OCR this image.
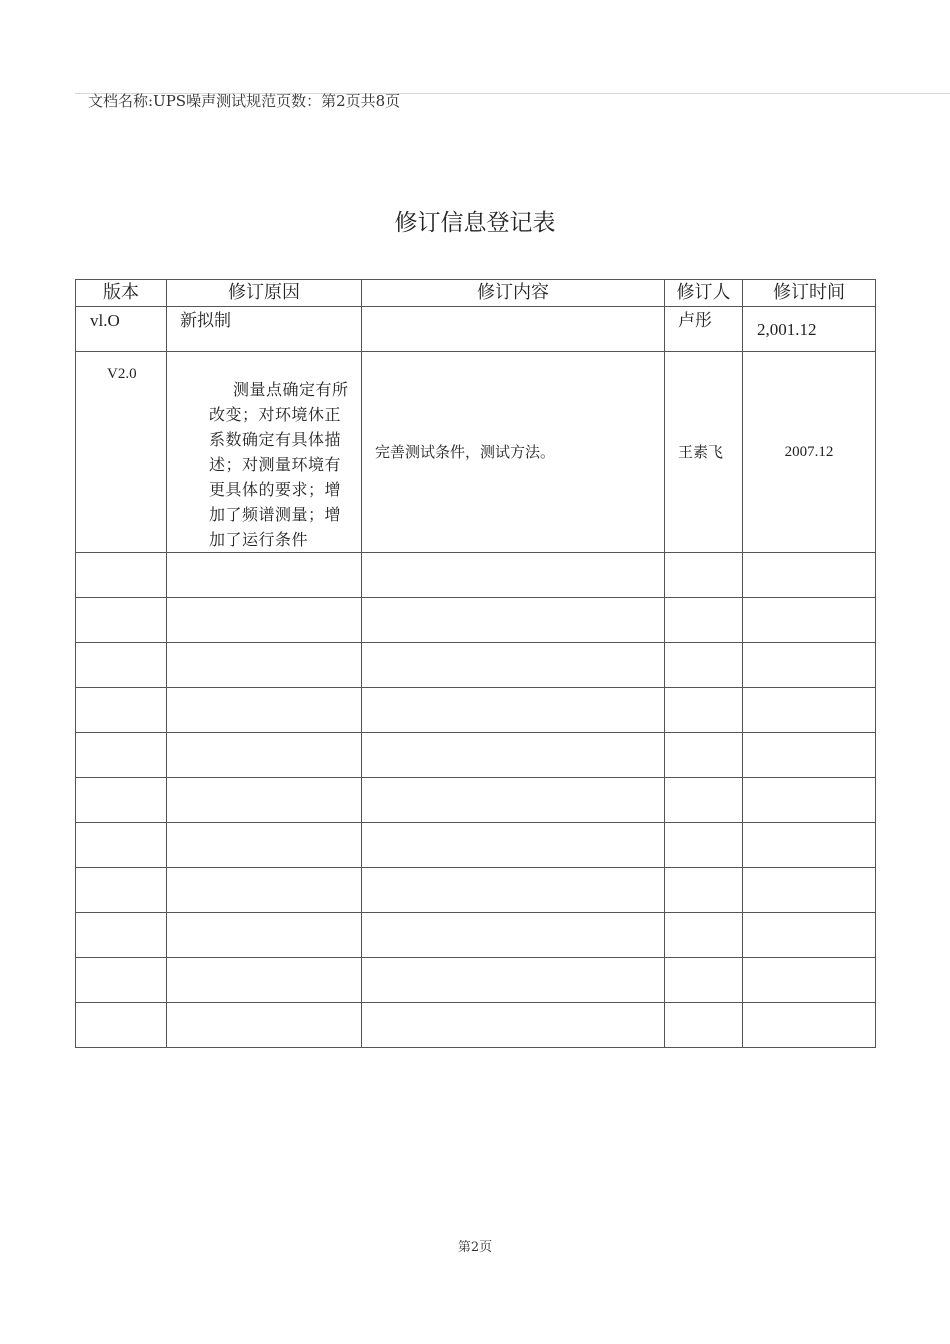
文档名称:UPS噪声测试规范页数：第2页共8页
修订信息登记表
版本	修订原因	修订内容	修订人	修订时间
vl.O	新拟制		卢彤	2,001.12
V2.0	测量点确定有所改变；对环境休正系数确定有具体描述；对测量环境有更具体的要求；增加了频谱测量；增加了运行条件	完善测试条件，测试方法。	王素飞	2007.12

第2页
